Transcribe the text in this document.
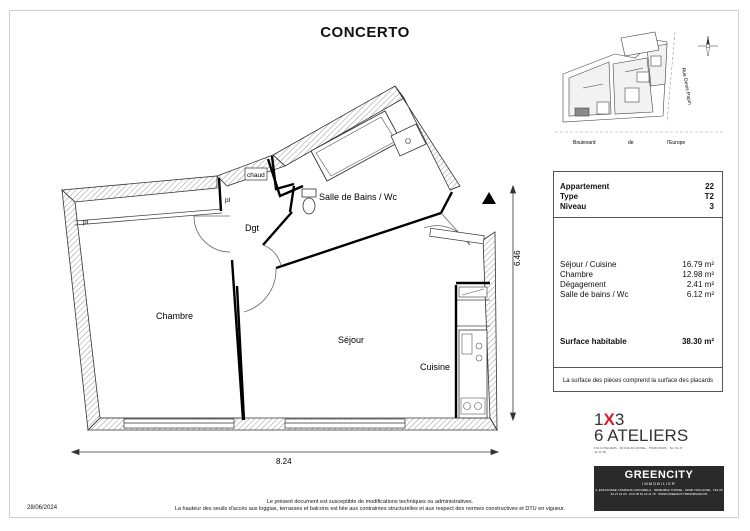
CONCERTO
Salle de Bains / Wc
chaud
pl
pl
Dgt
Chambre
Séjour
Cuisine
8.24
6.46
Rue Denis Papin
Boulevard	de	l'Europe
Appartement	22
Type	T2
Niveau	3
Séjour / Cuisine	16.79 m²
Chambre	12.98 m²
Dégagement	2.41 m²
Salle de bains / Wc	6.12 m²
Surface habitable	38.30 m²
La surface des pièces comprend la surface des placards
1X3
6 ATELIERS
1X3 6 ATELIERS · 46 RUE DU ROSEL · 75006 PARIS · Tél. 01 47 42 41 48
GREENCITY
IMMOBILIER
3, ESPLANADE COMPANS CAFFARELLI · IMMEUBLE TOPAZE · 31000 TOULOUSE · TEL 05 62 27 21 00 · FAX 05 61 22 11 78 · WWW.GREENCITYIMMOBILIER.FR
28/06/2024
Le présent document est susceptible de modifications techniques ou administratives.
La hauteur des seuils d'accès aux loggias, terrasses et balcons est liée aux contraintes structurelles et aux respect des normes constructives et DTU en vigueur.
